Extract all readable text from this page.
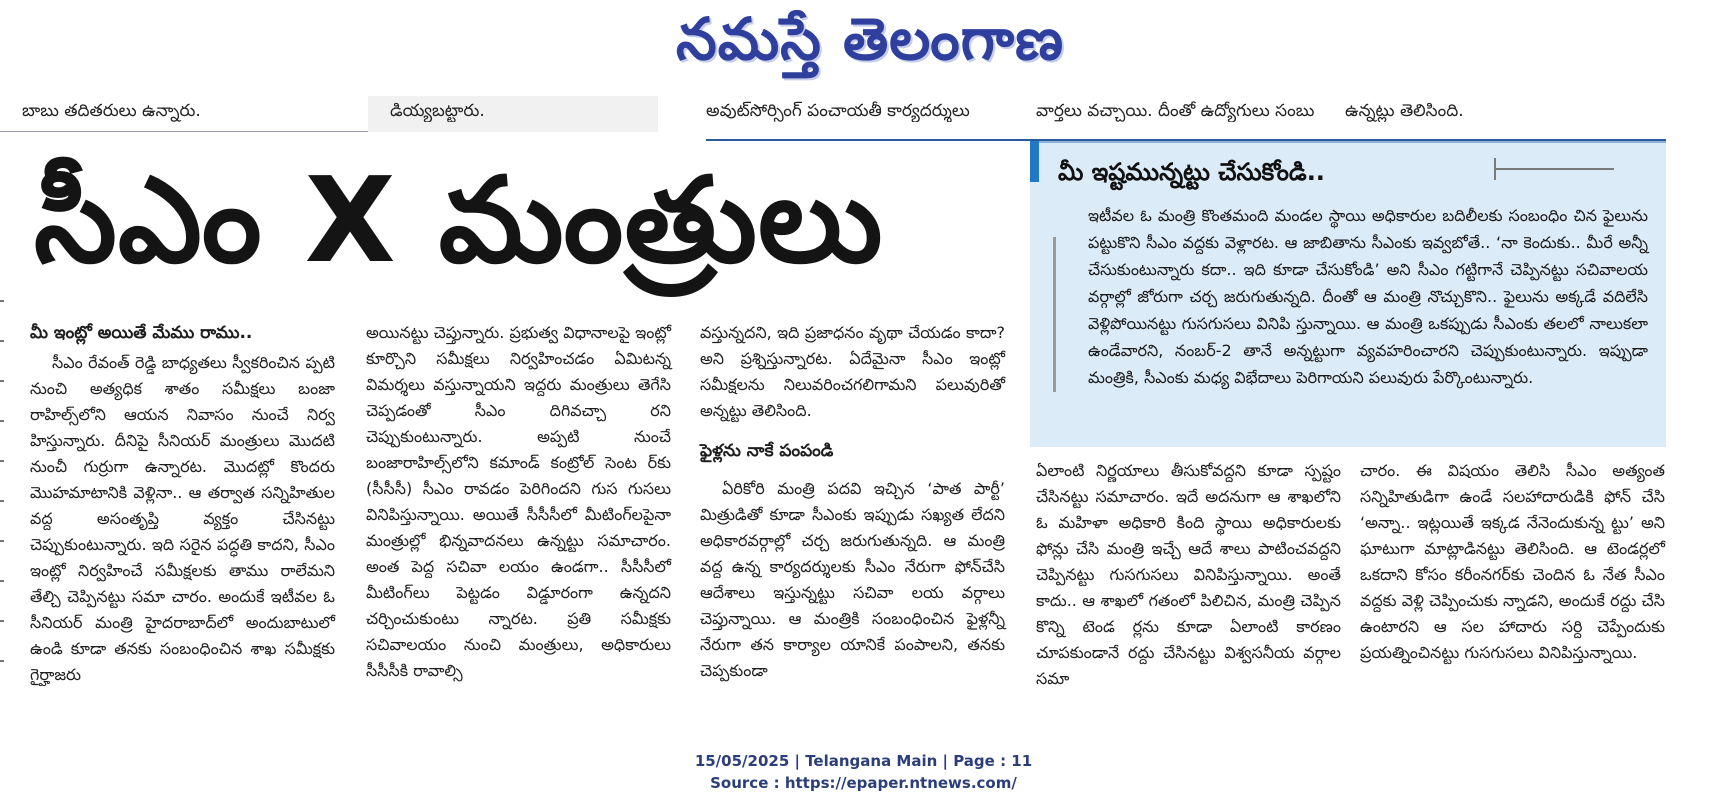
నమస్తే తెలంగాణ
బాబు తదితరులు ఉన్నారు.	డియ్యబట్టారు.	అవుట్‌సోర్సింగ్ పంచాయతీ కార్యదర్శులు	వార్తలు వచ్చాయి. దీంతో ఉద్యోగులు సంబు	ఉన్నట్లు తెలిసింది.
సీఎం X మంత్రులు
మీ ఇంట్లో అయితే మేము రాము..

సీఎం రేవంత్ రెడ్డి బాధ్యతలు స్వీకరించిన ప్పటి నుంచి అత్యధిక శాతం సమీక్షలు బంజా రాహిల్స్‌లోని ఆయన నివాసం నుంచే నిర్వ హిస్తున్నారు. దీనిపై సీనియర్ మంత్రులు మొదటి నుంచీ గుర్రుగా ఉన్నారట. మొదట్లో కొందరు మొహమాటానికి వెళ్లినా.. ఆ తర్వాత సన్నిహితుల వద్ద అసంతృప్తి వ్యక్తం చేసినట్టు చెప్పుకుంటున్నారు. ఇది సరైన పద్ధతి కాదని, సీఎం ఇంట్లో నిర్వహించే సమీక్షలకు తాము రాలేమని తేల్చి చెప్పినట్టు సమా చారం. అందుకే ఇటీవల ఓ సీనియర్ మంత్రి హైదరాబాద్‌లో అందుబాటులో ఉండి కూడా తనకు సంబంధించిన శాఖ సమీక్షకు గైర్హాజరు

అయినట్టు చెప్తున్నారు. ప్రభుత్వ విధానాలపై ఇంట్లో కూర్చొని సమీక్షలు నిర్వహించడం ఏమిటన్న విమర్శలు వస్తున్నాయని ఇద్దరు మంత్రులు తెగేసి చెప్పడంతో సీఎం దిగివచ్చా రని చెప్పుకుంటున్నారు. అప్పటి నుంచే బంజారాహిల్స్‌లోని కమాండ్ కంట్రోల్ సెంట ర్‌కు (సీసీసీ) సీఎం రావడం పెరిగిందని గుస గుసలు వినిపిస్తున్నాయి. అయితే సీసీసీలో మీటింగ్‌లపైనా మంత్రుల్లో భిన్నవాదనలు ఉన్నట్టు సమాచారం. అంత పెద్ద సచివా లయం ఉండగా.. సీసీసీలో మీటింగ్‌లు పెట్టడం విడ్డూరంగా ఉన్నదని చర్చించుకుంటు న్నారట. ప్రతి సమీక్షకు సచివాలయం నుంచి మంత్రులు, అధికారులు సీసీసీకి రావాల్సి

వస్తున్నదని, ఇది ప్రజాధనం వృథా చేయడం కాదా? అని ప్రశ్నిస్తున్నారట. ఏదేమైనా సీఎం ఇంట్లో సమీక్షలను నిలువరించగలిగామని పలువురితో అన్నట్టు తెలిసింది.

ఫైళ్లను నాకే పంపండి

ఏరికోరి మంత్రి పదవి ఇచ్చిన ‘పాత పార్టీ’ మిత్రుడితో కూడా సీఎంకు ఇప్పుడు సఖ్యత లేదని అధికారవర్గాల్లో చర్చ జరుగుతున్నది. ఆ మంత్రి వద్ద ఉన్న కార్యదర్శులకు సీఎం నేరుగా ఫోన్‌చేసి ఆదేశాలు ఇస్తున్నట్టు సచివా లయ వర్గాలు చెప్తున్నాయి. ఆ మంత్రికి సంబంధించిన ఫైళ్లన్నీ నేరుగా తన కార్యాల యానికే పంపాలని, తనకు చెప్పకుండా

ఏలాంటి నిర్ణయాలు తీసుకోవద్దని కూడా స్పష్టం చేసినట్టు సమాచారం. ఇదే అదనుగా ఆ శాఖలోని ఓ మహిళా అధికారి కింది స్థాయి అధికారులకు ఫోన్లు చేసి మంత్రి ఇచ్చే ఆదే శాలు పాటించవద్దని చెప్పినట్టు గుసగుసలు వినిపిస్తున్నాయి. అంతే కాదు.. ఆ శాఖలో గతంలో పిలిచిన, మంత్రి చెప్పిన కొన్ని టెండ ర్లను కూడా ఏలాంటి కారణం చూపకుండానే రద్దు చేసినట్టు విశ్వసనీయ వర్గాల సమా

చారం. ఈ విషయం తెలిసి సీఎం అత్యంత సన్నిహితుడిగా ఉండే సలహాదారుడికి ఫోన్ చేసి ‘అన్నా.. ఇట్లయితే ఇక్కడ నేనెందుకున్న ట్టు’ అని ఘాటుగా మాట్లాడినట్టు తెలిసింది. ఆ టెండర్లలో ఒకదాని కోసం కరీంనగర్‌కు చెందిన ఓ నేత సీఎం వద్దకు వెళ్లి చెప్పించుకు న్నాడని, అందుకే రద్దు చేసి ఉంటారని ఆ సల హాదారు సర్ది చెప్పేందుకు ప్రయత్నించినట్టు గుసగుసలు వినిపిస్తున్నాయి.

మీ ఇష్టమున్నట్టు చేసుకోండి..
ఇటీవల ఓ మంత్రి కొంతమంది మండల స్థాయి అధికారుల బదిలీలకు సంబంధిం చిన ఫైలును పట్టుకొని సీఎం వద్దకు వెళ్లారట. ఆ జాబితాను సీఎంకు ఇవ్వబోతే.. ‘నా కెందుకు.. మీరే అన్నీ చేసుకుంటున్నారు కదా.. ఇది కూడా చేసుకోండి’ అని సీఎం గట్టిగానే చెప్పినట్టు సచివాలయ వర్గాల్లో జోరుగా చర్చ జరుగుతున్నది. దీంతో ఆ మంత్రి నొచ్చుకొని.. ఫైలును అక్కడే వదిలేసి వెళ్లిపోయినట్టు గుసగుసలు వినిపి స్తున్నాయి. ఆ మంత్రి ఒకప్పుడు సీఎంకు తలలో నాలుకలా ఉండేవారని, నంబర్-2 తానే అన్నట్టుగా వ్యవహరించారని చెప్పుకుంటున్నారు. ఇప్పుడా మంత్రికి, సీఎంకు మధ్య విభేదాలు పెరిగాయని పలువురు పేర్కొంటున్నారు.
15/05/2025 | Telangana Main | Page : 11
Source : https://epaper.ntnews.com/
